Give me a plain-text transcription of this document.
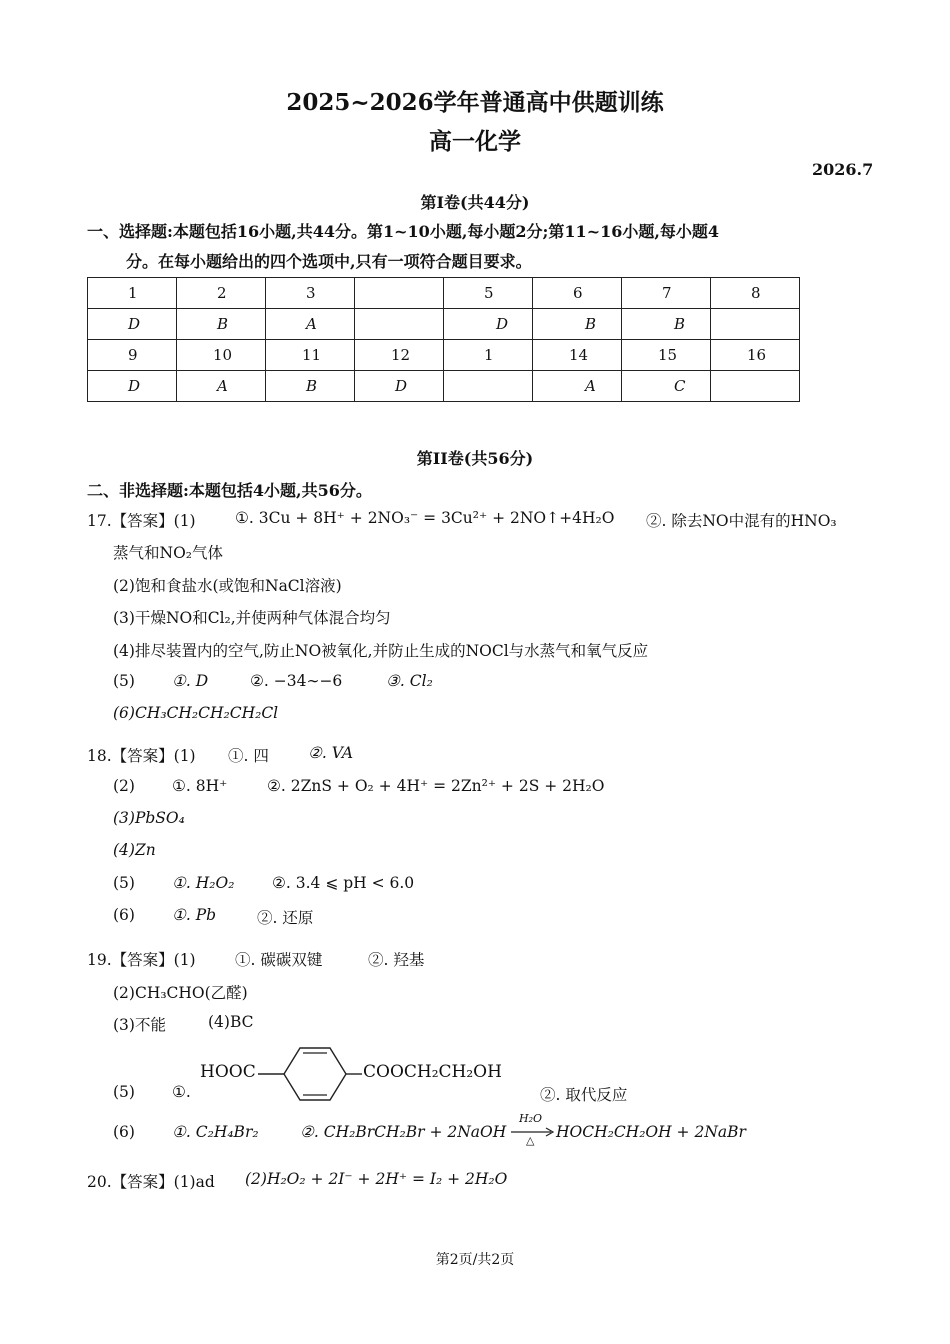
2025~2026学年普通高中供题训练
高一化学
2026.7
第Ⅰ卷(共44分)
一、选择题:本题包括16小题,共44分。第1~10小题,每小题2分;第11~16小题,每小题4
分。在每小题给出的四个选项中,只有一项符合题目要求。
1	2	3		5	6	7	8
D	B	A		D	B	B	
9	10	11	12	1	14	15	16
D	A	B	D		A	C	
第II卷(共56分)
二、非选择题:本题包括4小题,共56分。
17.【答案】(1)	①. 3Cu + 8H⁺ + 2NO₃⁻ = 3Cu²⁺ + 2NO↑+4H₂O ②. 除去NO中混有的HNO₃
蒸气和NO₂气体
(2)饱和食盐水(或饱和NaCl溶液)
(3)干燥NO和Cl₂,并使两种气体混合均匀
(4)排尽装置内的空气,防止NO被氧化,并防止生成的NOCl与水蒸气和氧气反应
(5) ①. D	②. −34∼−6	③. Cl₂
(6)CH₃CH₂CH₂CH₂Cl
18.【答案】(1) ①. 四	②. VA
(2) ①. 8H⁺	②. 2ZnS + O₂ + 4H⁺ = 2Zn²⁺ + 2S + 2H₂O
(3)PbSO₄
(4)Zn
(5) ①. H₂O₂ ②. 3.4 ⩽ pH < 6.0
(6) ①. Pb	②. 还原
19.【答案】(1)	①. 碳碳双键	②. 羟基
(2)CH₃CHO(乙醛)
(3)不能	(4)BC
(5) ①.
HOOC	COOCH₂CH₂OH
②. 取代反应
(6) ①. C₂H₄Br₂	②. CH₂BrCH₂Br + 2NaOH
H₂O
△ HOCH₂CH₂OH + 2NaBr
20.【答案】(1)ad (2)H₂O₂ + 2I⁻ + 2H⁺ = I₂ + 2H₂O
第2页/共2页
